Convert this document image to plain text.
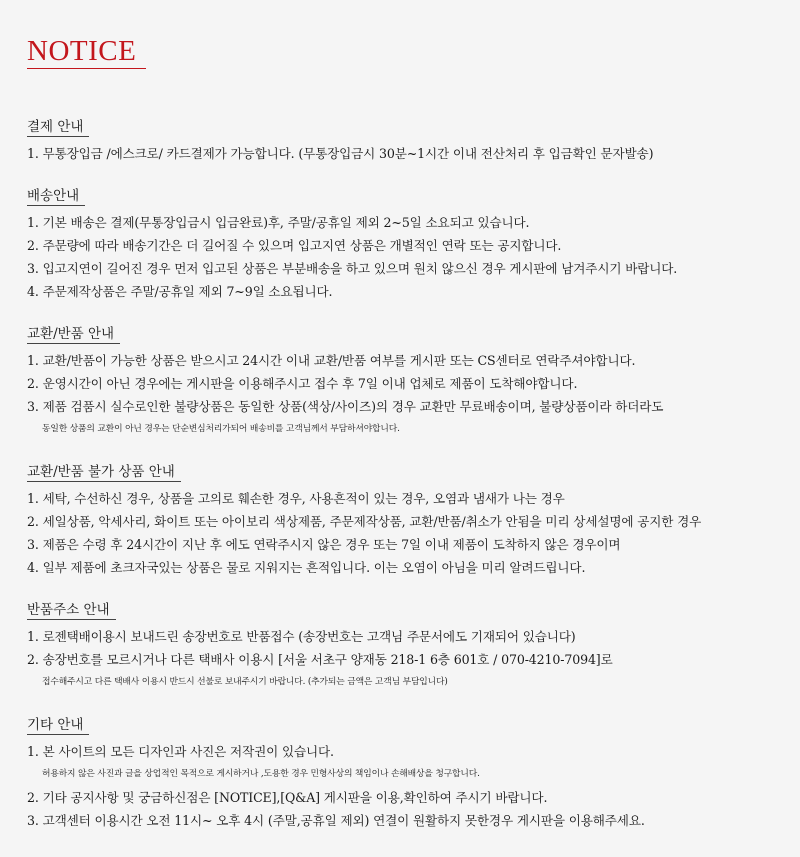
NOTICE
결제 안내
1. 무통장입금 /에스크로/ 카드결제가 가능합니다. (무통장입금시 30분~1시간 이내 전산처리 후 입금확인 문자발송)
배송안내
1. 기본 배송은 결제(무통장입금시 입금완료)후, 주말/공휴일 제외 2~5일 소요되고 있습니다.
2. 주문량에 따라 배송기간은 더 길어질 수 있으며 입고지연 상품은 개별적인 연락 또는 공지합니다.
3. 입고지연이 길어진 경우 먼저 입고된 상품은 부분배송을 하고 있으며 원치 않으신 경우 게시판에 남겨주시기 바랍니다.
4. 주문제작상품은 주말/공휴일 제외 7~9일 소요됩니다.
교환/반품 안내
1. 교환/반품이 가능한 상품은 받으시고 24시간 이내 교환/반품 여부를 게시판 또는 CS센터로 연락주셔야합니다.
2. 운영시간이 아닌 경우에는 게시판을 이용해주시고 접수 후 7일 이내 업체로 제품이 도착해야합니다.
3. 제품 검품시 실수로인한 불량상품은 동일한 상품(색상/사이즈)의 경우 교환만 무료배송이며, 불량상품이라 하더라도
동일한 상품의 교환이 아닌 경우는 단순변심처리가되어 배송비를 고객님께서 부담하셔야합니다.
교환/반품 불가 상품 안내
1. 세탁, 수선하신 경우, 상품을 고의로 훼손한 경우, 사용흔적이 있는 경우, 오염과 냄새가 나는 경우
2. 세일상품, 악세사리, 화이트 또는 아이보리 색상제품, 주문제작상품, 교환/반품/취소가 안됨을 미리 상세설명에 공지한 경우
3. 제품은 수령 후 24시간이 지난 후 에도 연락주시지 않은 경우 또는 7일 이내 제품이 도착하지 않은 경우이며
4. 일부 제품에 초크자국있는 상품은 물로 지워지는 흔적입니다. 이는 오염이 아님을 미리 알려드립니다.
반품주소 안내
1. 로젠택배이용시 보내드린 송장번호로 반품접수 (송장번호는 고객님 주문서에도 기재되어 있습니다)
2. 송장번호를 모르시거나 다른 택배사 이용시 [서울 서초구 양재동 218-1 6층 601호 / 070-4210-7094]로
접수해주시고 다른 택배사 이용시 반드시 선불로 보내주시기 바랍니다. (추가되는 금액은 고객님 부담입니다)
기타 안내
1. 본 사이트의 모든 디자인과 사진은 저작권이 있습니다.
허용하지 않은 사진과 글을 상업적인 목적으로 게시하거나 ,도용한 경우 민형사상의 책임이나 손해배상을 청구합니다.
2. 기타 공지사항 및 궁금하신점은 [NOTICE],[Q&A] 게시판을 이용,확인하여 주시기 바랍니다.
3. 고객센터 이용시간 오전 11시~ 오후 4시 (주말,공휴일 제외) 연결이 원활하지 못한경우 게시판을 이용해주세요.
